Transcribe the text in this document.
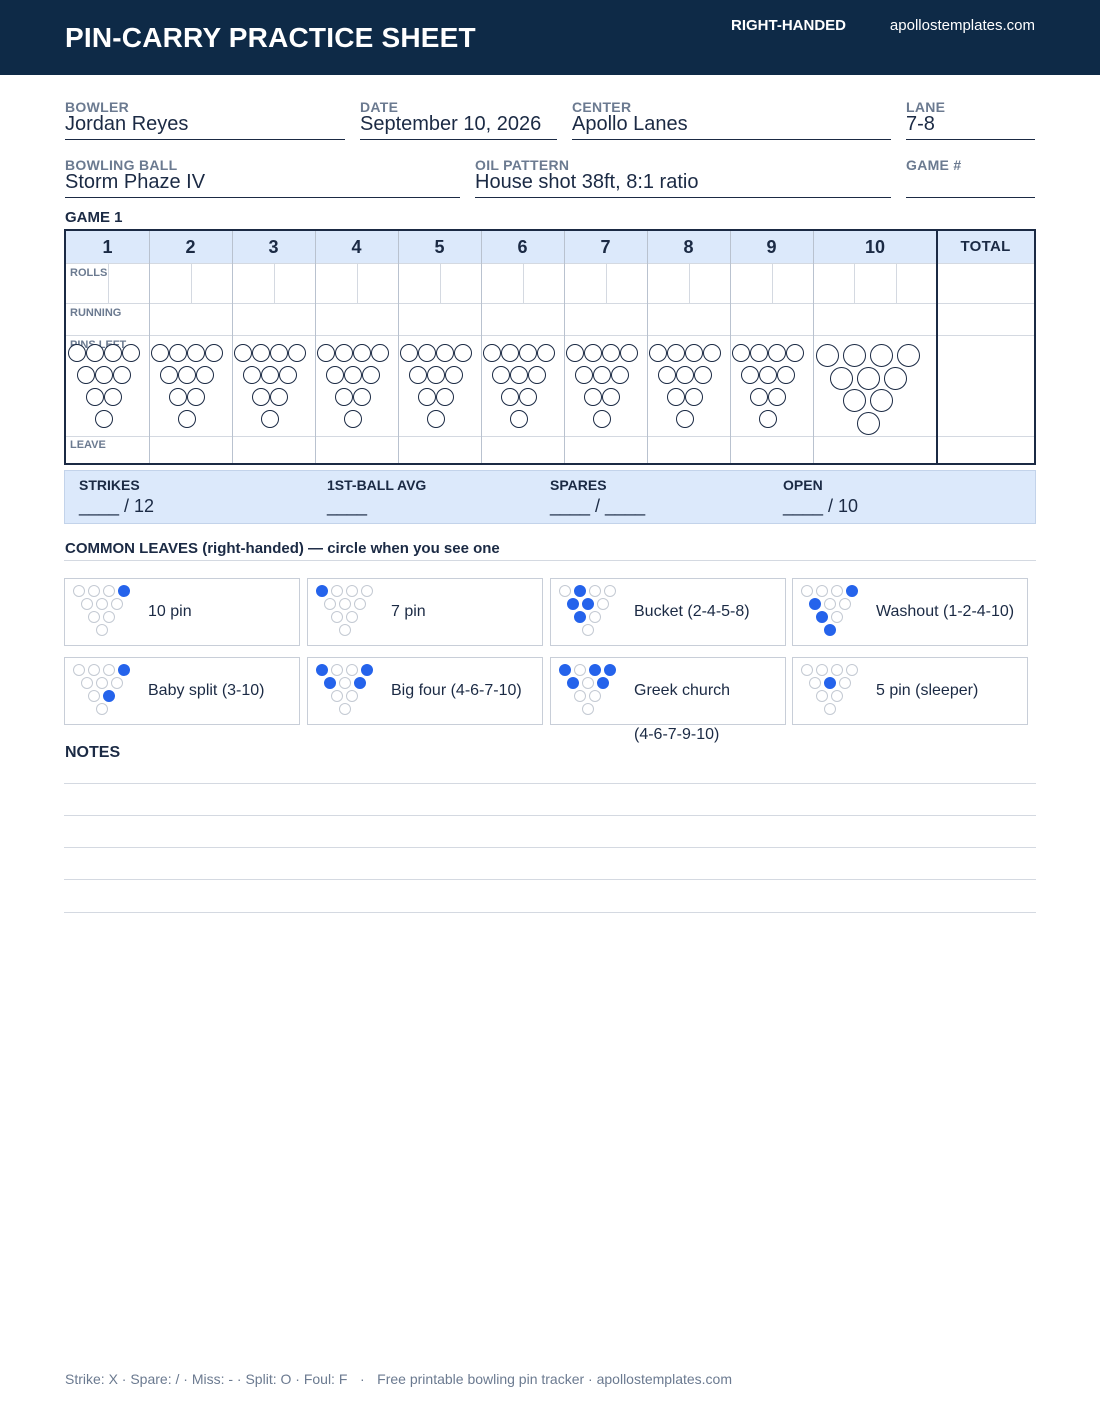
PIN-CARRY PRACTICE SHEET	RIGHT-HANDED	apollostemplates.com
BOWLER
Jordan Reyes
DATE
September 10, 2026
CENTER
Apollo Lanes
LANE
7-8
BOWLING BALL
Storm Phaze IV
OIL PATTERN
House shot 38ft, 8:1 ratio
GAME #
GAME 1
1	2	3	4	5	6	7	8	9	10	TOTAL
ROLLS
RUNNING
PINS
LEAVE
STRIKES
____ / 12
1ST-BALL AVG
____
SPARES
____ / ____
OPEN
____ / 10
COMMON LEAVES (right-handed) — circle when you see one
10 pin	7 pin	Bucket (2-4-5-8)	Washout (1-2-4-10)
Baby split (3-10)	Big four (4-6-7-10)	Greek church
(4-6-7-9-10)
5 pin (sleeper)
NOTES
Strike: X · Spare: / · Miss: - · Split: O · Foul: F · Free printable bowling pin tracker · apollostemplates.com
